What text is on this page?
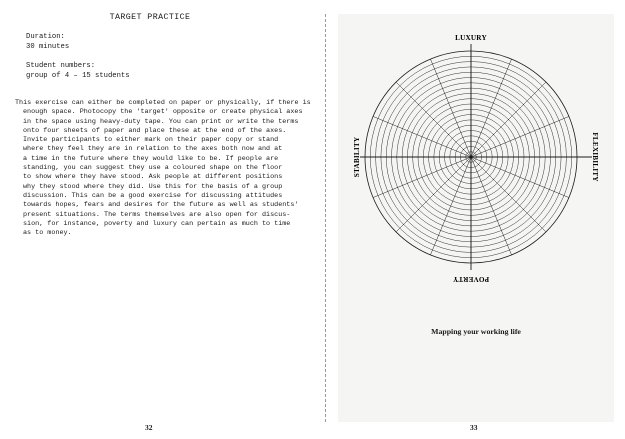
TARGET PRACTICE
Duration:
30 minutes
Student numbers:
group of 4 – 15 students
This exercise can either be completed on paper or physically, if there is
enough space. Photocopy the 'target' opposite or create physical axes
in the space using heavy-duty tape. You can print or write the terms
onto four sheets of paper and place these at the end of the axes.
Invite participants to either mark on their paper copy or stand
where they feel they are in relation to the axes both now and at
a time in the future where they would like to be. If people are
standing, you can suggest they use a coloured shape on the floor
to show where they have stood. Ask people at different positions
why they stood where they did. Use this for the basis of a group
discussion. This can be a good exercise for discussing attitudes
towards hopes, fears and desires for the future as well as students'
present situations. The terms themselves are also open for discus-
sion, for instance, poverty and luxury can pertain as much to time
as to money.
32
LUXURY
POVERTY
STABILITY	FLEXIBILITY
Mapping your working life
33
